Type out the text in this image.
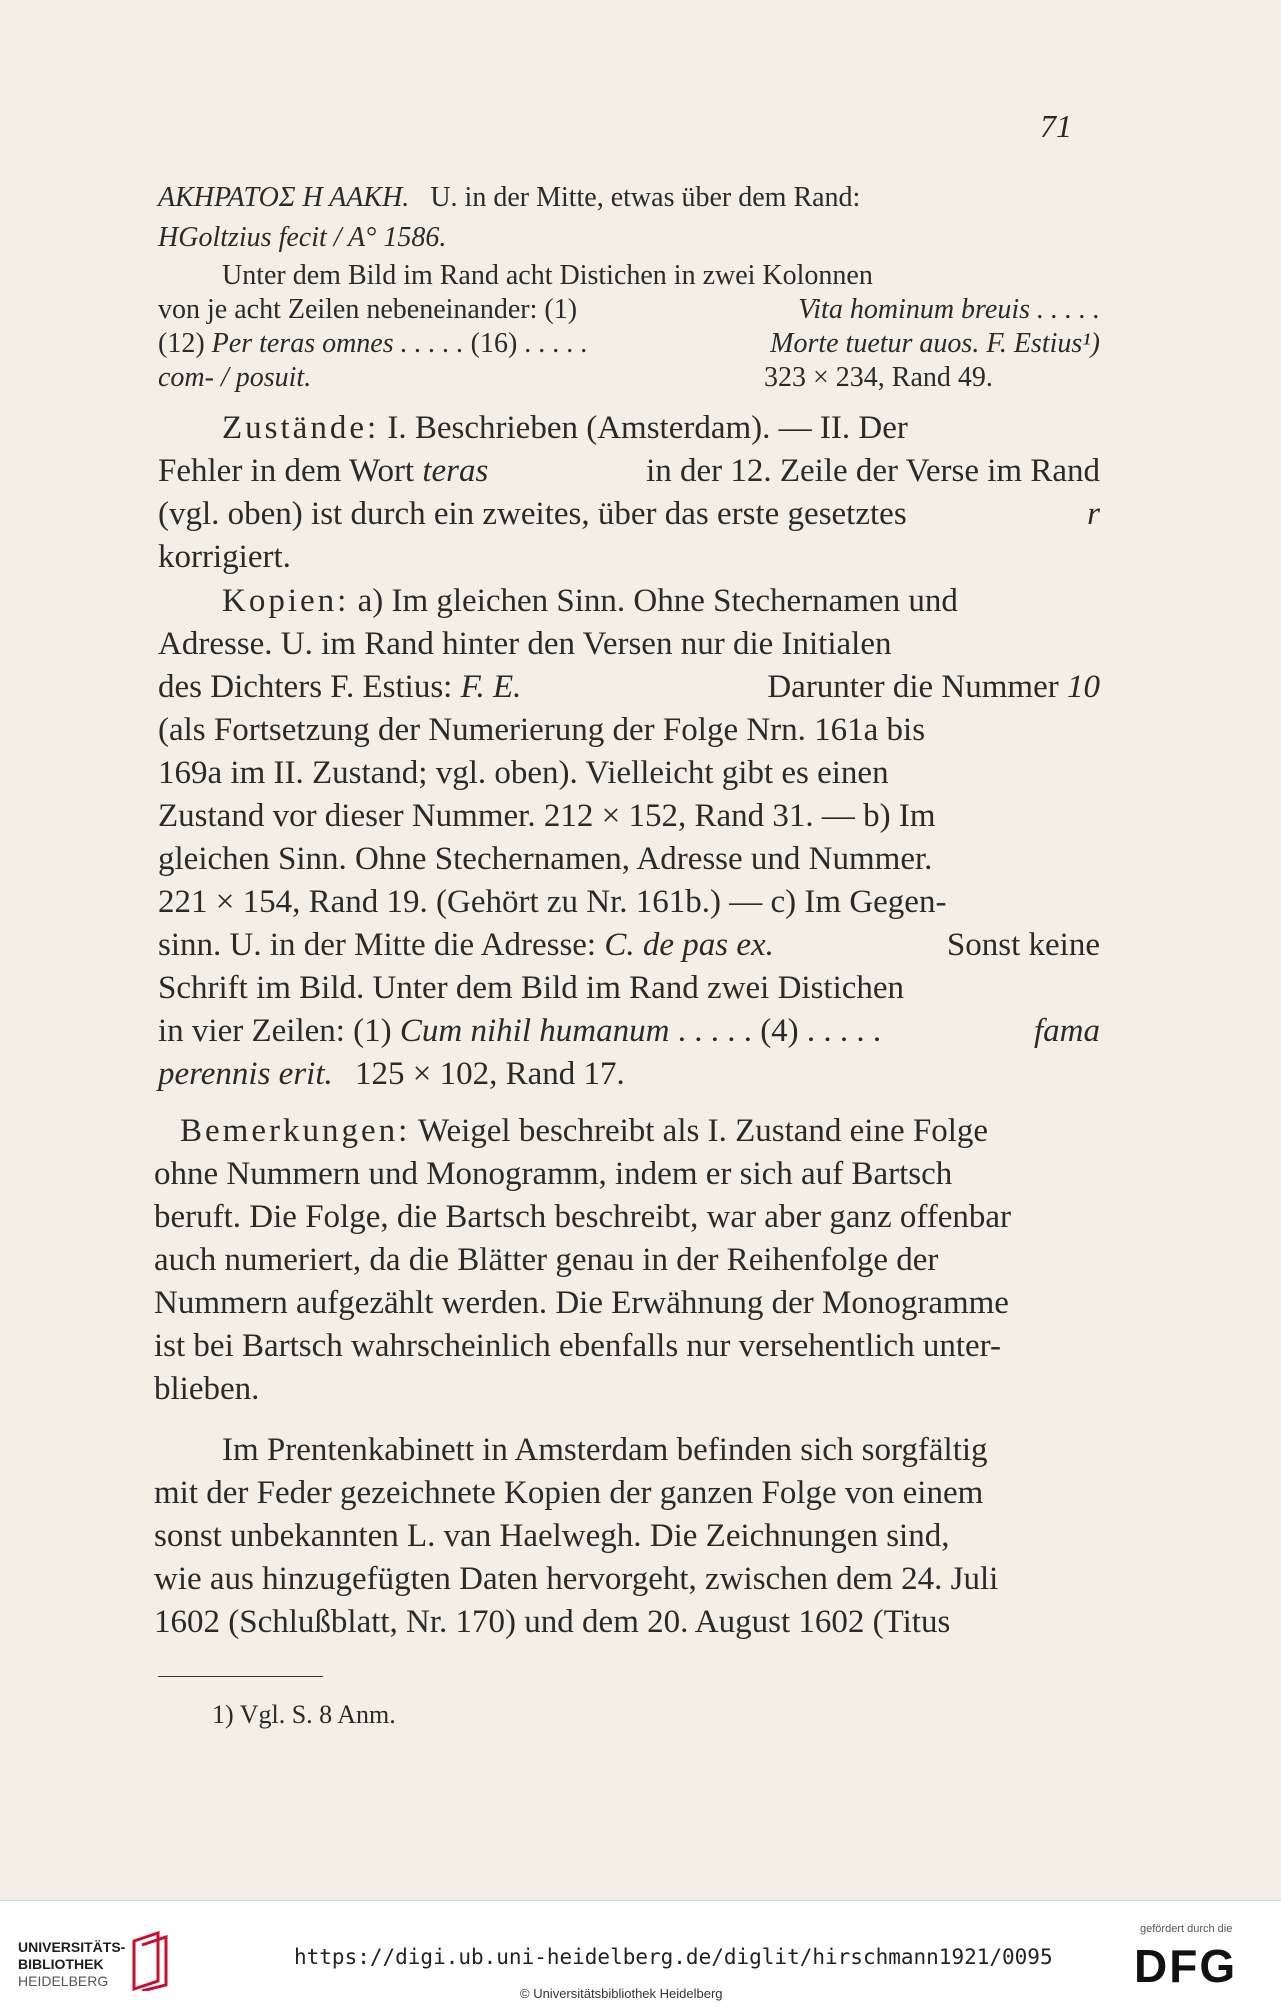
71
AKHPATOΣ H AAKH. U. in der Mitte, etwas über dem Rand:
HGoltzius fecit / A° 1586.
Unter dem Bild im Rand acht Distichen in zwei Kolonnen
von je acht Zeilen nebeneinander: (1)	Vita hominum breuis . . . . .
(12) Per teras omnes . . . . . (16) . . . . .	Morte tuetur auos. F. Estius¹)
com- / posuit.	323 × 234, Rand 49.
Zustände: I. Beschrieben (Amsterdam). — II. Der
Fehler in dem Wort teras	in der 12. Zeile der Verse im Rand
(vgl. oben) ist durch ein zweites, über das erste gesetztes	r
korrigiert.
Kopien: a) Im gleichen Sinn. Ohne Stechernamen und
Adresse. U. im Rand hinter den Versen nur die Initialen
des Dichters F. Estius: F. E.	Darunter die Nummer 10
(als Fortsetzung der Numerierung der Folge Nrn. 161a bis
169a im II. Zustand; vgl. oben). Vielleicht gibt es einen
Zustand vor dieser Nummer. 212 × 152, Rand 31. — b) Im
gleichen Sinn. Ohne Stechernamen, Adresse und Nummer.
221 × 154, Rand 19. (Gehört zu Nr. 161b.) — c) Im Gegen-
sinn. U. in der Mitte die Adresse: C. de pas ex.	Sonst keine
Schrift im Bild. Unter dem Bild im Rand zwei Distichen
in vier Zeilen: (1) Cum nihil humanum . . . . . (4) . . . . .	fama
perennis erit. 125 × 102, Rand 17.
Bemerkungen: Weigel beschreibt als I. Zustand eine Folge
ohne Nummern und Monogramm, indem er sich auf Bartsch
beruft. Die Folge, die Bartsch beschreibt, war aber ganz offenbar
auch numeriert, da die Blätter genau in der Reihenfolge der
Nummern aufgezählt werden. Die Erwähnung der Monogramme
ist bei Bartsch wahrscheinlich ebenfalls nur versehentlich unter-
blieben.
Im Prentenkabinett in Amsterdam befinden sich sorgfältig
mit der Feder gezeichnete Kopien der ganzen Folge von einem
sonst unbekannten L. van Haelwegh. Die Zeichnungen sind,
wie aus hinzugefügten Daten hervorgeht, zwischen dem 24. Juli
1602 (Schlußblatt, Nr. 170) und dem 20. August 1602 (Titus
1) Vgl. S. 8 Anm.
UNIVERSITÄTS-
BIBLIOTHEK
HEIDELBERG
https://digi.ub.uni-heidelberg.de/diglit/hirschmann1921/0095
© Universitätsbibliothek Heidelberg
gefördert durch die
DFG
